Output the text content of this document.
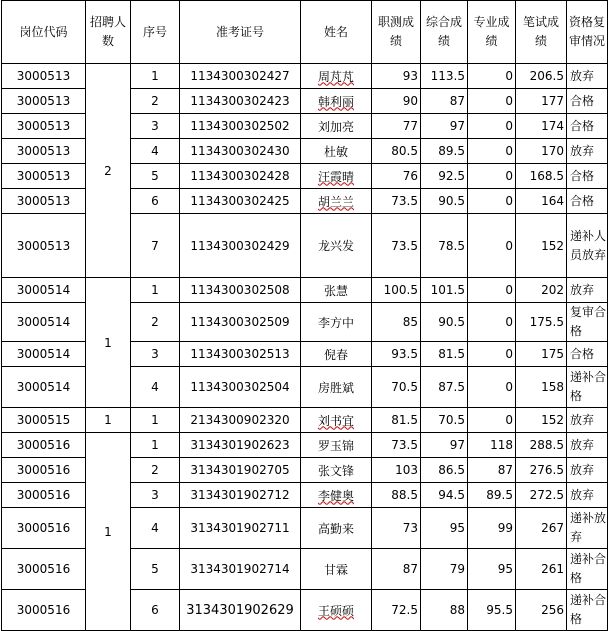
岗位代码	招聘人数	序号	准考证号	姓名	职测成绩	综合成绩	专业成绩	笔试成绩	资格复审情况
3000513	2	1	1134300302427	周芃芃	93	113.5	0	206.5	放弃
3000513		2	1134300302423	韩利丽	90	87	0	177	合格
3000513		3	1134300302502	刘加亮	77	97	0	174	合格
3000513		4	1134300302430	杜敏	80.5	89.5	0	170	放弃
3000513		5	1134300302428	汪霞晴	76	92.5	0	168.5	合格
3000513		6	1134300302425	胡兰兰	73.5	90.5	0	164	合格
3000513		7	1134300302429	龙兴发	73.5	78.5	0	152	递补人员放弃
3000514	1	1	1134300302508	张慧	100.5	101.5	0	202	放弃
3000514		2	1134300302509	李方中	85	90.5	0	175.5	复审合格
3000514		3	1134300302513	倪春	93.5	81.5	0	175	合格
3000514		4	1134300302504	房胜斌	70.5	87.5	0	158	递补合格
3000515	1	1	2134300902320	刘书宜	81.5	70.5	0	152	放弃
3000516	1	1	3134301902623	罗玉锦	73.5	97	118	288.5	放弃
3000516		2	3134301902705	张文锋	103	86.5	87	276.5	放弃
3000516		3	3134301902712	李健奥	88.5	94.5	89.5	272.5	放弃
3000516		4	3134301902711	高勤来	73	95	99	267	递补放弃
3000516		5	3134301902714	甘霖	87	79	95	261	递补合格
3000516		6	3134301902629	王硕硕	72.5	88	95.5	256	递补合格
